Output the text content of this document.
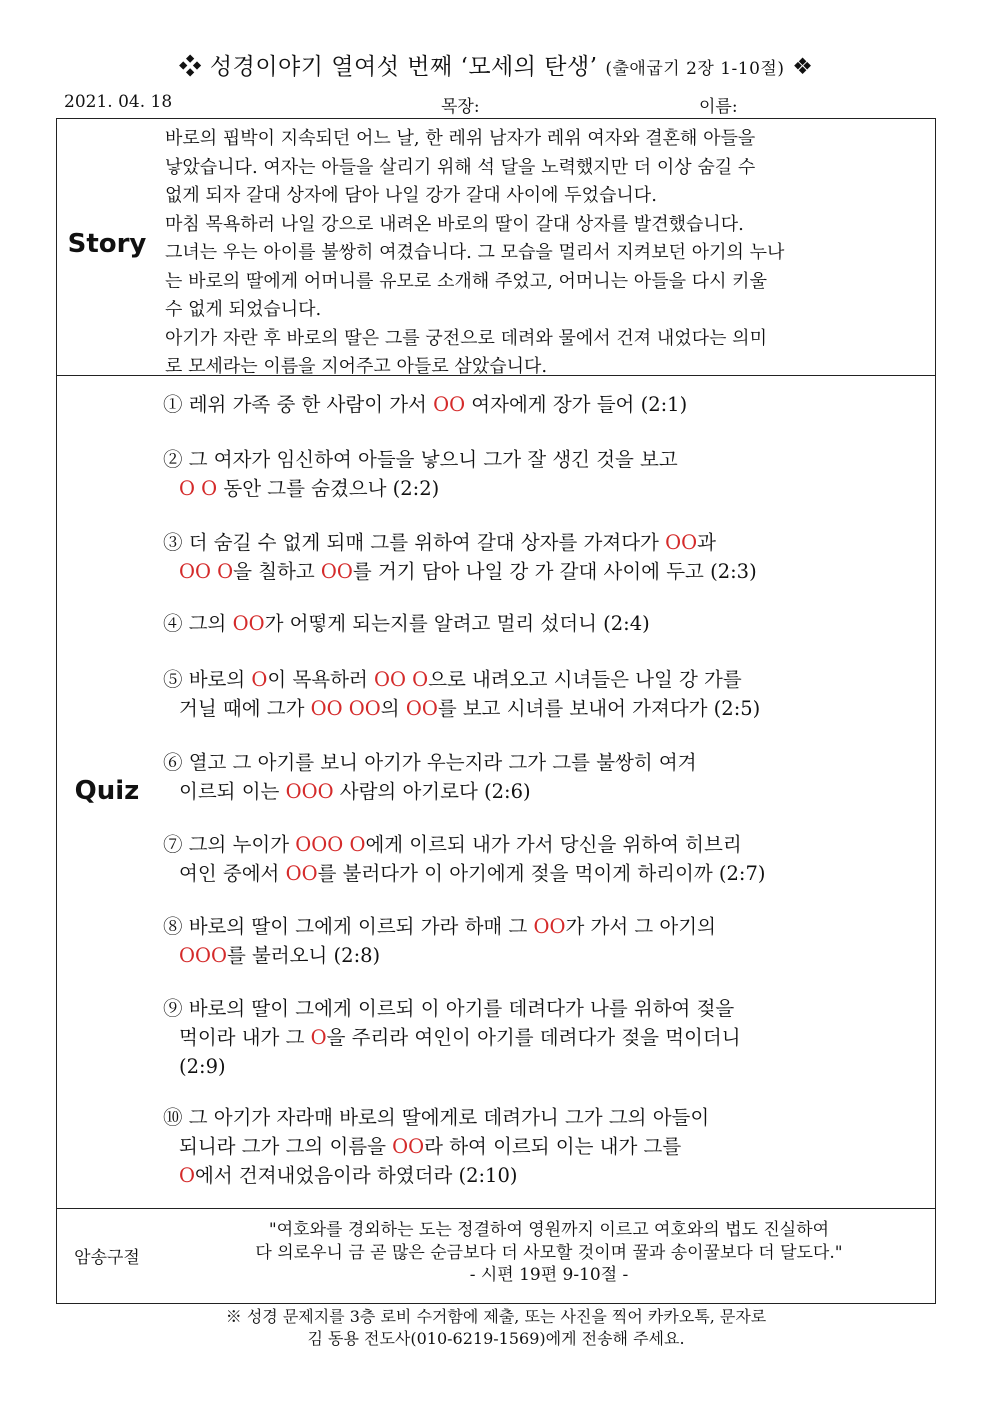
❖ 성경이야기 열여섯 번째 ‘모세의 탄생’ (출애굽기 2장 1-10절) ❖
2021. 04. 18	목장:	이름:
Story
바로의 핍박이 지속되던 어느 날, 한 레위 남자가 레위 여자와 결혼해 아들을
낳았습니다. 여자는 아들을 살리기 위해 석 달을 노력했지만 더 이상 숨길 수
없게 되자 갈대 상자에 담아 나일 강가 갈대 사이에 두었습니다.
마침 목욕하러 나일 강으로 내려온 바로의 딸이 갈대 상자를 발견했습니다.
그녀는 우는 아이를 불쌍히 여겼습니다. 그 모습을 멀리서 지켜보던 아기의 누나
는 바로의 딸에게 어머니를 유모로 소개해 주었고, 어머니는 아들을 다시 키울
수 없게 되었습니다.
아기가 자란 후 바로의 딸은 그를 궁전으로 데려와 물에서 건져 내었다는 의미
로 모세라는 이름을 지어주고 아들로 삼았습니다.
Quiz
① 레위 가족 중 한 사람이 가서 OO 여자에게 장가 들어 (2:1)
② 그 여자가 임신하여 아들을 낳으니 그가 잘 생긴 것을 보고
O O 동안 그를 숨겼으나 (2:2)
③ 더 숨길 수 없게 되매 그를 위하여 갈대 상자를 가져다가 OO과
OO O을 칠하고 OO를 거기 담아 나일 강 가 갈대 사이에 두고 (2:3)
④ 그의 OO가 어떻게 되는지를 알려고 멀리 섰더니 (2:4)
⑤ 바로의 O이 목욕하러 OO O으로 내려오고 시녀들은 나일 강 가를
거닐 때에 그가 OO OO의 OO를 보고 시녀를 보내어 가져다가 (2:5)
⑥ 열고 그 아기를 보니 아기가 우는지라 그가 그를 불쌍히 여겨
이르되 이는 OOO 사람의 아기로다 (2:6)
⑦ 그의 누이가 OOO O에게 이르되 내가 가서 당신을 위하여 히브리
여인 중에서 OO를 불러다가 이 아기에게 젖을 먹이게 하리이까 (2:7)
⑧ 바로의 딸이 그에게 이르되 가라 하매 그 OO가 가서 그 아기의
OOO를 불러오니 (2:8)
⑨ 바로의 딸이 그에게 이르되 이 아기를 데려다가 나를 위하여 젖을
먹이라 내가 그 O을 주리라 여인이 아기를 데려다가 젖을 먹이더니
(2:9)
⑩ 그 아기가 자라매 바로의 딸에게로 데려가니 그가 그의 아들이
되니라 그가 그의 이름을 OO라 하여 이르되 이는 내가 그를
O에서 건져내었음이라 하였더라 (2:10)
암송구절
"여호와를 경외하는 도는 정결하여 영원까지 이르고 여호와의 법도 진실하여
다 의로우니 금 곧 많은 순금보다 더 사모할 것이며 꿀과 송이꿀보다 더 달도다."
- 시편 19편 9-10절 -
※ 성경 문제지를 3층 로비 수거함에 제출, 또는 사진을 찍어 카카오톡, 문자로
김 동용 전도사(010-6219-1569)에게 전송해 주세요.
